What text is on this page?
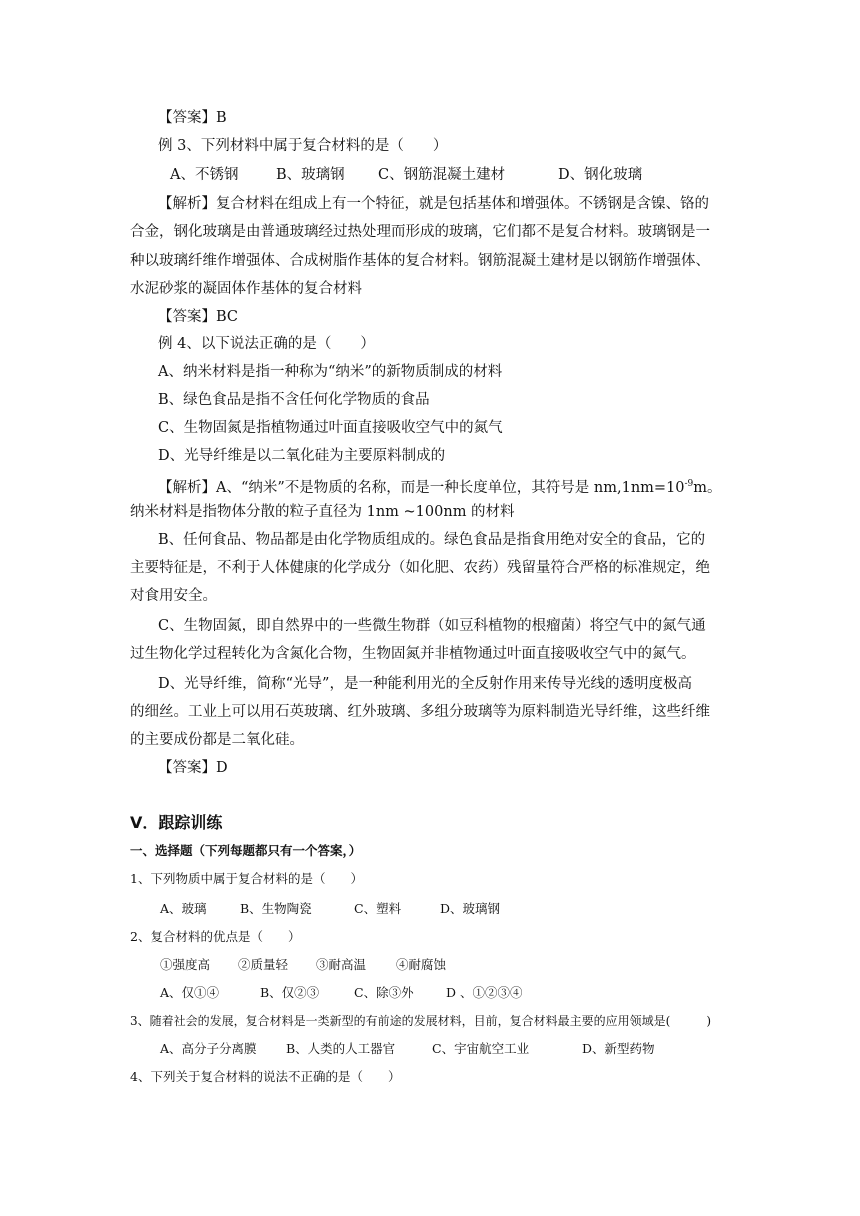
【答案】B
例 3、下列材料中属于复合材料的是（　　）
A、不锈钢	B、玻璃钢 C、钢筋混凝土建材	D、钢化玻璃
【解析】复合材料在组成上有一个特征，就是包括基体和增强体。不锈钢是含镍、铬的
合金，钢化玻璃是由普通玻璃经过热处理而形成的玻璃，它们都不是复合材料。玻璃钢是一
种以玻璃纤维作增强体、合成树脂作基体的复合材料。钢筋混凝土建材是以钢筋作增强体、
水泥砂浆的凝固体作基体的复合材料
【答案】BC
例 4、以下说法正确的是（　　）
A、纳米材料是指一种称为“纳米”的新物质制成的材料
B、绿色食品是指不含任何化学物质的食品
C、生物固氮是指植物通过叶面直接吸收空气中的氮气
D、光导纤维是以二氧化硅为主要原料制成的
【解析】A、“纳米”不是物质的名称，而是一种长度单位，其符号是 $nm,1nm=10^{-9}m$。
纳米材料是指物体分散的粒子直径为 1nm ~100nm 的材料
B、任何食品、物品都是由化学物质组成的。绿色食品是指食用绝对安全的食品，它的
主要特征是，不利于人体健康的化学成分（如化肥、农药）残留量符合严格的标准规定，绝
对食用安全。
C、生物固氮，即自然界中的一些微生物群（如豆科植物的根瘤菌）将空气中的氮气通
过生物化学过程转化为含氮化合物，生物固氮并非植物通过叶面直接吸收空气中的氮气。
D、光导纤维，简称“光导”，是一种能利用光的全反射作用来传导光线的透明度极高
的细丝。工业上可以用石英玻璃、红外玻璃、多组分玻璃等为原料制造光导纤维，这些纤维
的主要成份都是二氧化硅。
【答案】D
V．跟踪训练
一、选择题（下列每题都只有一个答案，）
1、下列物质中属于复合材料的是（　　）
A、玻璃	B、生物陶瓷	C、塑料	D、玻璃钢
2、复合材料的优点是（　　）
①强度高 ②质量轻 ③耐高温 ④耐腐蚀
A、仅①④	B、仅②③	C、除③外	D 、①②③④
3、随着社会的发展，复合材料是一类新型的有前途的发展材料，目前，复合材料最主要的应用领域是(　　　)
A、高分子分离膜 B、人类的人工器官	C、宇宙航空工业	D、新型药物
4、下列关于复合材料的说法不正确的是（　　）
